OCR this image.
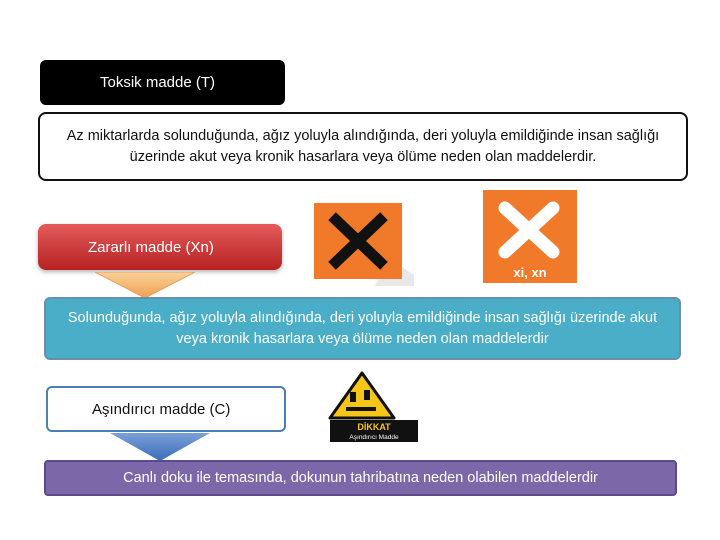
Toksik madde (T)
Az miktarlarda solunduğunda, ağız yoluyla alındığında, deri yoluyla emildiğinde insan sağlığı üzerinde akut veya kronik hasarlara veya ölüme neden olan maddelerdir.
xi, xn
Zararlı madde (Xn)
Solunduğunda, ağız yoluyla alındığında, deri yoluyla emildiğinde insan sağlığı üzerinde akut veya kronik hasarlara veya ölüme neden olan maddelerdir
DİKKAT
Aşındırıcı Madde
Aşındırıcı madde (C)
Canlı doku ile temasında, dokunun tahribatına neden olabilen maddelerdir
